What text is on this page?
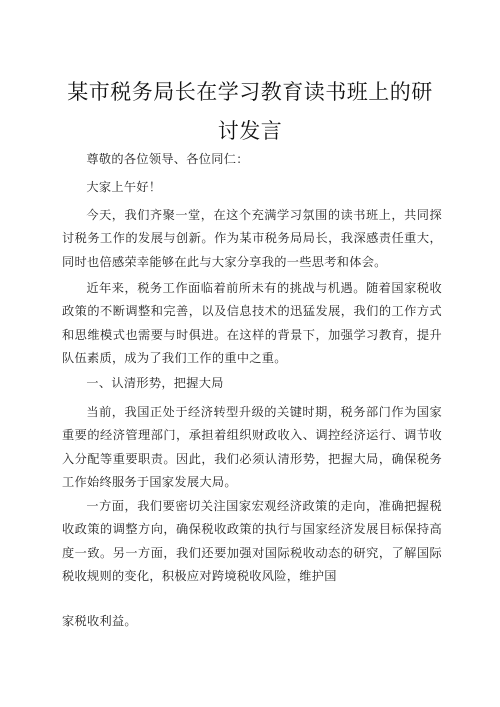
某市税务局长在学习教育读书班上的研
讨发言
尊敬的各位领导、各位同仁：
大家上午好！
今天，我们齐聚一堂，在这个充满学习氛围的读书班上，共同探讨税务工作的发展与创新。作为某市税务局局长，我深感责任重大，同时也倍感荣幸能够在此与大家分享我的一些思考和体会。
近年来，税务工作面临着前所未有的挑战与机遇。随着国家税收政策的不断调整和完善，以及信息技术的迅猛发展，我们的工作方式和思维模式也需要与时俱进。在这样的背景下，加强学习教育，提升队伍素质，成为了我们工作的重中之重。
一、认清形势，把握大局
当前，我国正处于经济转型升级的关键时期，税务部门作为国家重要的经济管理部门，承担着组织财政收入、调控经济运行、调节收入分配等重要职责。因此，我们必须认清形势，把握大局，确保税务工作始终服务于国家发展大局。
一方面，我们要密切关注国家宏观经济政策的走向，准确把握税收政策的调整方向，确保税收政策的执行与国家经济发展目标保持高度一致。另一方面，我们还要加强对国际税收动态的研究，了解国际税收规则的变化，积极应对跨境税收风险，维护国
家税收利益。
